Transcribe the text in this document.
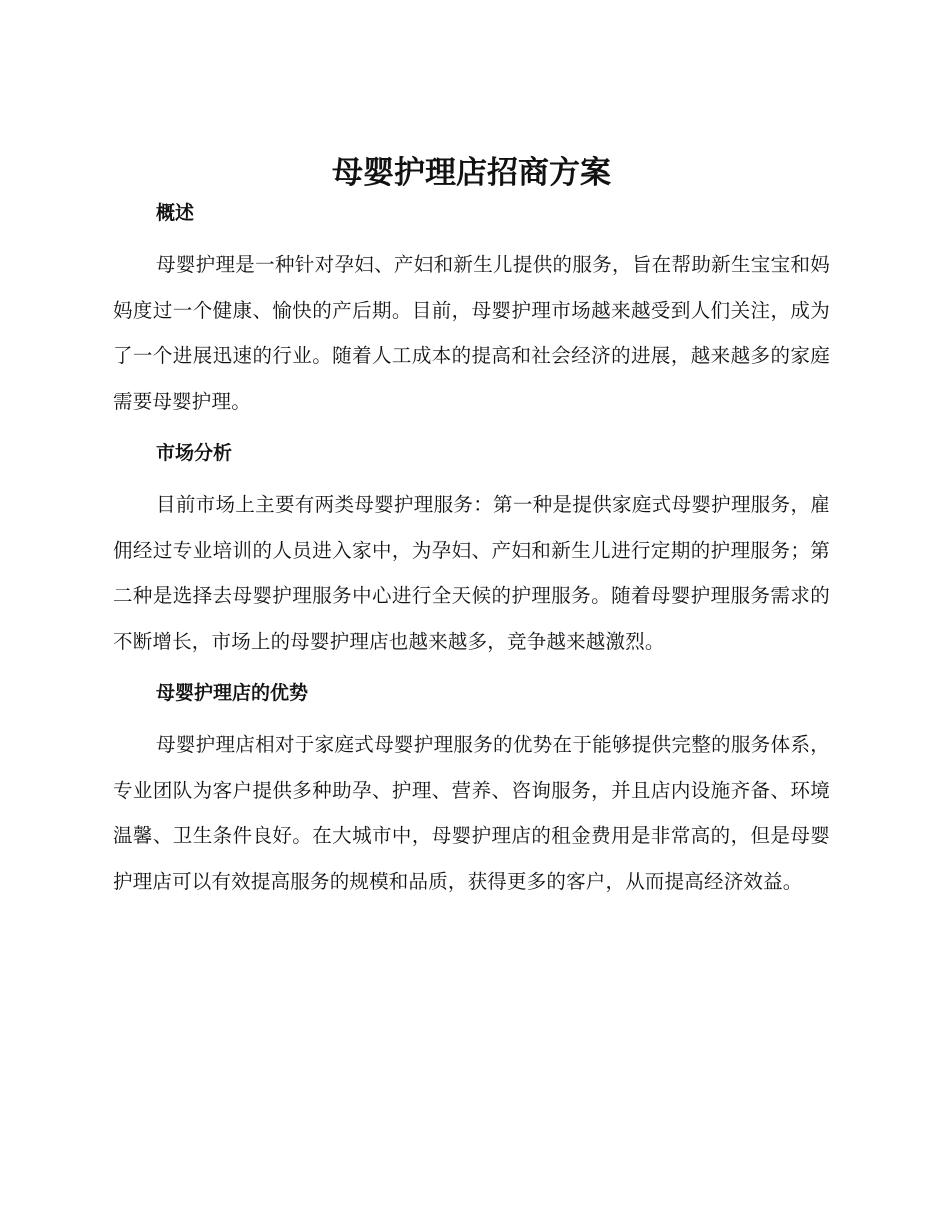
母婴护理店招商方案
概述

母婴护理是一种针对孕妇、产妇和新生儿提供的服务，旨在帮助新生宝宝和妈妈度过一个健康、愉快的产后期。目前，母婴护理市场越来越受到人们关注，成为了一个进展迅速的行业。随着人工成本的提高和社会经济的进展，越来越多的家庭需要母婴护理。

市场分析

目前市场上主要有两类母婴护理服务：第一种是提供家庭式母婴护理服务，雇佣经过专业培训的人员进入家中，为孕妇、产妇和新生儿进行定期的护理服务；第二种是选择去母婴护理服务中心进行全天候的护理服务。随着母婴护理服务需求的不断增长，市场上的母婴护理店也越来越多，竞争越来越激烈。

母婴护理店的优势

母婴护理店相对于家庭式母婴护理服务的优势在于能够提供完整的服务体系，专业团队为客户提供多种助孕、护理、营养、咨询服务，并且店内设施齐备、环境温馨、卫生条件良好。在大城市中，母婴护理店的租金费用是非常高的，但是母婴护理店可以有效提高服务的规模和品质，获得更多的客户，从而提高经济效益。
